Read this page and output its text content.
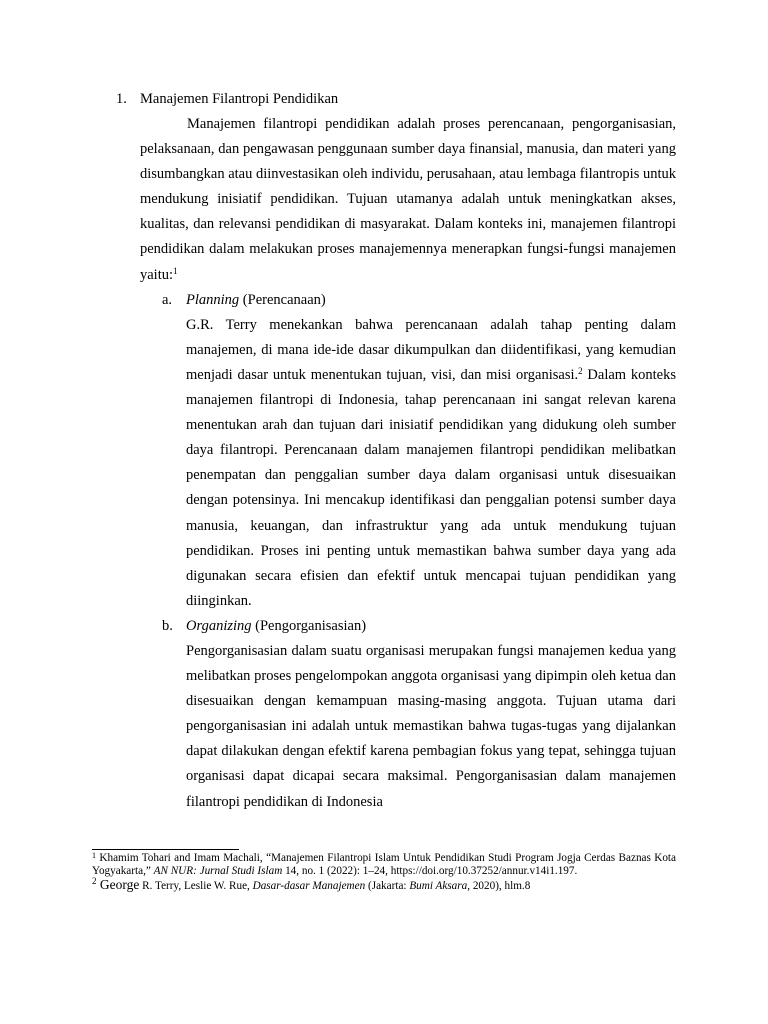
1. Manajemen Filantropi Pendidikan

Manajemen filantropi pendidikan adalah proses perencanaan, pengorganisasian, pelaksanaan, dan pengawasan penggunaan sumber daya finansial, manusia, dan materi yang disumbangkan atau diinvestasikan oleh individu, perusahaan, atau lembaga filantropis untuk mendukung inisiatif pendidikan. Tujuan utamanya adalah untuk meningkatkan akses, kualitas, dan relevansi pendidikan di masyarakat. Dalam konteks ini, manajemen filantropi pendidikan dalam melakukan proses manajemennya menerapkan fungsi-fungsi manajemen yaitu:$^1$

a. Planning (Perencanaan)

G.R. Terry menekankan bahwa perencanaan adalah tahap penting dalam manajemen, di mana ide-ide dasar dikumpulkan dan diidentifikasi, yang kemudian menjadi dasar untuk menentukan tujuan, visi, dan misi organisasi.$^2$ Dalam konteks manajemen filantropi di Indonesia, tahap perencanaan ini sangat relevan karena menentukan arah dan tujuan dari inisiatif pendidikan yang didukung oleh sumber daya filantropi. Perencanaan dalam manajemen filantropi pendidikan melibatkan penempatan dan penggalian sumber daya dalam organisasi untuk disesuaikan dengan potensinya. Ini mencakup identifikasi dan penggalian potensi sumber daya manusia, keuangan, dan infrastruktur yang ada untuk mendukung tujuan pendidikan. Proses ini penting untuk memastikan bahwa sumber daya yang ada digunakan secara efisien dan efektif untuk mencapai tujuan pendidikan yang diinginkan.

b. Organizing (Pengorganisasian)

Pengorganisasian dalam suatu organisasi merupakan fungsi manajemen kedua yang melibatkan proses pengelompokan anggota organisasi yang dipimpin oleh ketua dan disesuaikan dengan kemampuan masing-masing anggota. Tujuan utama dari pengorganisasian ini adalah untuk memastikan bahwa tugas-tugas yang dijalankan dapat dilakukan dengan efektif karena pembagian fokus yang tepat, sehingga tujuan organisasi dapat dicapai secara maksimal. Pengorganisasian dalam manajemen filantropi pendidikan di Indonesia

$^1$ Khamim Tohari and Imam Machali, “Manajemen Filantropi Islam Untuk Pendidikan Studi Program Jogja Cerdas Baznas Kota Yogyakarta,” AN NUR: Jurnal Studi Islam 14, no. 1 (2022): 1–24, https://doi.org/10.37252/annur.v14i1.197.
$^2$ George R. Terry, Leslie W. Rue, Dasar-dasar Manajemen (Jakarta: Bumi Aksara, 2020), hlm.8
